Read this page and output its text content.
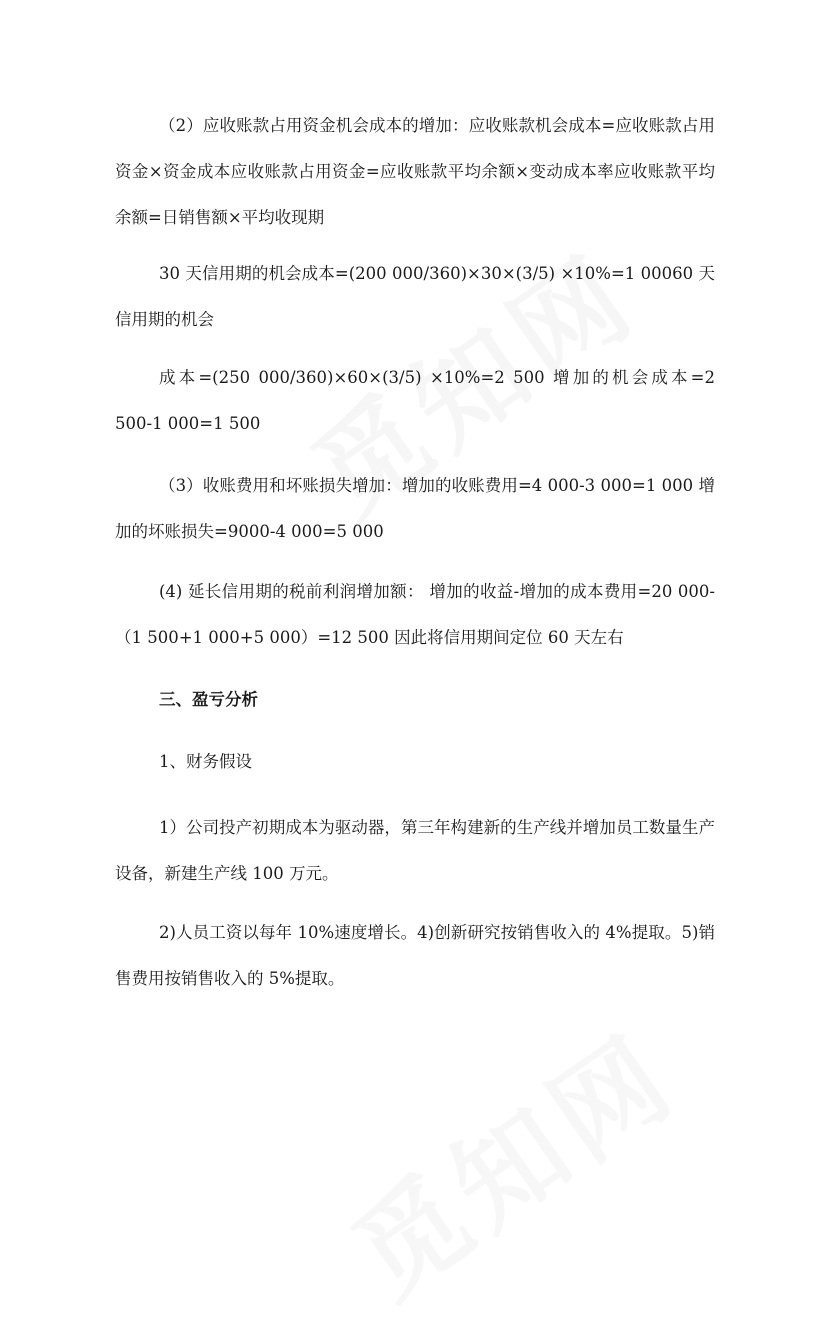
（2）应收账款占用资金机会成本的增加：应收账款机会成本=应收账款占用资金×资金成本应收账款占用资金=应收账款平均余额×变动成本率应收账款平均余额=日销售额×平均收现期

30 天信用期的机会成本=(200 000/360)×30×(3/5) ×10%=1 00060 天信用期的机会

成本=(250 000/360)×60×(3/5) ×10%=2 500 增加的机会成本=2 500-1 000=1 500

（3）收账费用和坏账损失增加：增加的收账费用=4 000-3 000=1 000 增加的坏账损失=9000-4 000=5 000

(4) 延长信用期的税前利润增加额： 增加的收益-增加的成本费用=20 000-（1 500+1 000+5 000）=12 500 因此将信用期间定位 60 天左右

三、盈亏分析

1、财务假设

1）公司投产初期成本为驱动器，第三年构建新的生产线并增加员工数量生产设备，新建生产线 100 万元。

2)人员工资以每年 10%速度增长。4)创新研究按销售收入的 4%提取。5)销售费用按销售收入的 5%提取。
